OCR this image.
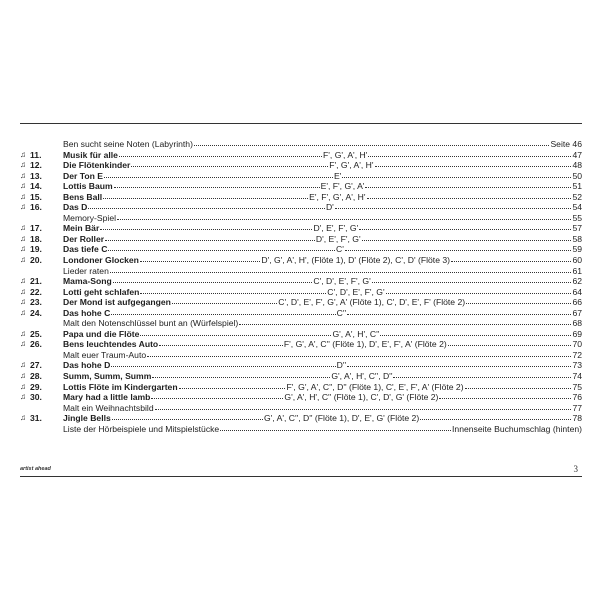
Ben sucht seine Noten (Labyrinth)	Seite 46
♫ 11.	Musik für alle	F', G', A', H'	47
♫ 12.	Die Flötenkinder	F', G', A', H'	48
♫ 13.	Der Ton E	E'	50
♫ 14.	Lottis Baum	E', F', G', A'	51
♫ 15.	Bens Ball	E', F', G', A', H'	52
♫ 16.	Das D	D'	54
Memory-Spiel	55
♫ 17.	Mein Bär	D', E', F', G'	57
♫ 18.	Der Roller	D', E', F', G'	58
♫ 19.	Das tiefe C	C'	59
♫ 20.	Londoner Glocken	D', G', A', H', (Flöte 1), D' (Flöte 2), C', D' (Flöte 3)	60
Lieder raten	61
♫ 21.	Mama-Song	C', D', E', F', G'	62
♫ 22.	Lotti geht schlafen	C', D', E', F', G'	64
♫ 23.	Der Mond ist aufgegangen	C', D', E', F', G', A' (Flöte 1), C', D', E', F' (Flöte 2)	66
♫ 24.	Das hohe C	C''	67
Malt den Notenschlüssel bunt an (Würfelspiel)	68
♫ 25.	Papa und die Flöte	G', A', H', C''	69
♫ 26.	Bens leuchtendes Auto	F', G', A', C'' (Flöte 1), D', E', F', A' (Flöte 2)	70
Malt euer Traum-Auto	72
♫ 27.	Das hohe D	D''	73
♫ 28.	Summ, Summ, Summ	G', A', H', C'', D''	74
♫ 29.	Lottis Flöte im Kindergarten	F', G', A', C'', D'' (Flöte 1), C', E', F', A' (Flöte 2)	75
♫ 30.	Mary had a little lamb	G', A', H', C'' (Flöte 1), C', D', G' (Flöte 2)	76
Malt ein Weihnachtsbild	77
♫ 31.	Jingle Bells	G', A', C'', D'' (Flöte 1), D', E', G' (Flöte 2)	78
Liste der Hörbeispiele und Mitspielstücke	Innenseite Buchumschlag (hinten)
artist ahead	3
